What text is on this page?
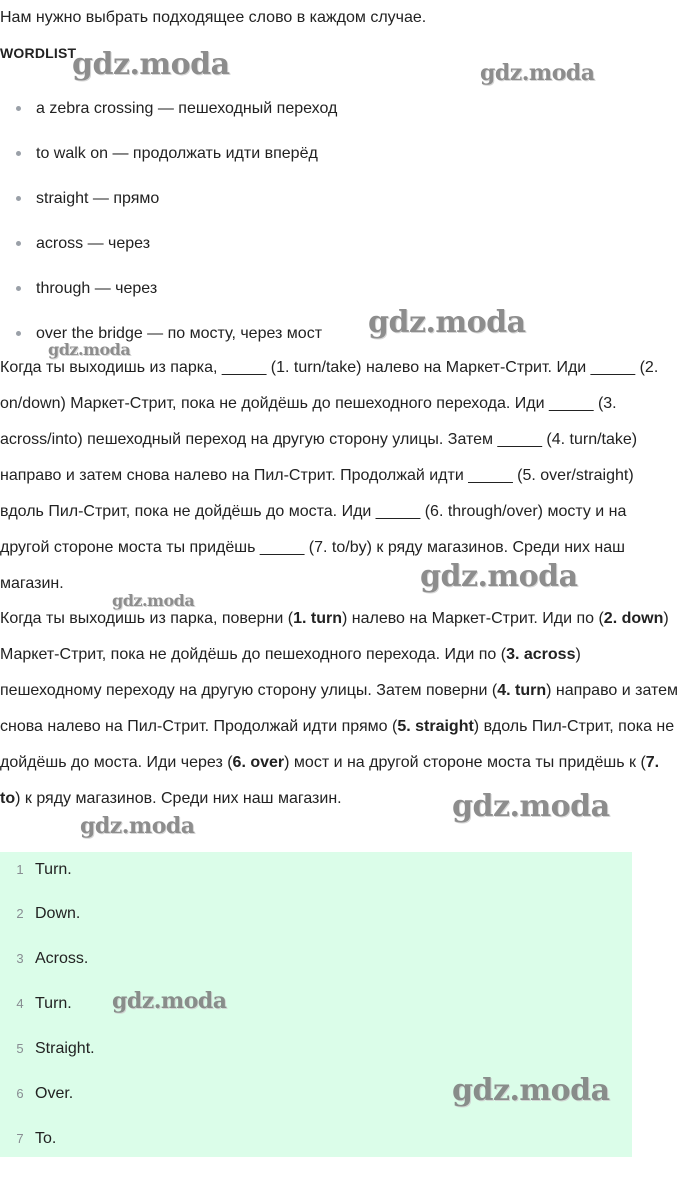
Нам нужно выбрать подходящее слово в каждом случае.
WORDLIST
a zebra crossing — пешеходный переход
to walk on — продолжать идти вперёд
straight — прямо
across — через
through — через
over the bridge — по мосту, через мост

Когда ты выходишь из парка, _____ (1. turn/take) налево на Маркет-Стрит. Иди _____ (2. on/down) Маркет-Стрит, пока не дойдёшь до пешеходного перехода. Иди _____ (3. across/into) пешеходный переход на другую сторону улицы. Затем _____ (4. turn/take) направо и затем снова налево на Пил-Стрит. Продолжай идти _____ (5. over/straight) вдоль Пил-Стрит, пока не дойдёшь до моста. Иди _____ (6. through/over) мосту и на другой стороне моста ты придёшь _____ (7. to/by) к ряду магазинов. Среди них наш магазин.

Когда ты выходишь из парка, поверни (1. turn) налево на Маркет-Стрит. Иди по (2. down) Маркет-Стрит, пока не дойдёшь до пешеходного перехода. Иди по (3. across) пешеходному переходу на другую сторону улицы. Затем поверни (4. turn) направо и затем снова налево на Пил-Стрит. Продолжай идти прямо (5. straight) вдоль Пил-Стрит, пока не дойдёшь до моста. Иди через (6. over) мост и на другой стороне моста ты придёшь к (7. to) к ряду магазинов. Среди них наш магазин.

1 Turn.
2 Down.
3 Across.
4 Turn.
5 Straight.
6 Over.
7 To.
gdz.moda	gdz.moda
gdz.moda
gdz.moda
gdz.moda
gdz.moda
gdz.moda
gdz.moda
gdz.moda
gdz.moda
